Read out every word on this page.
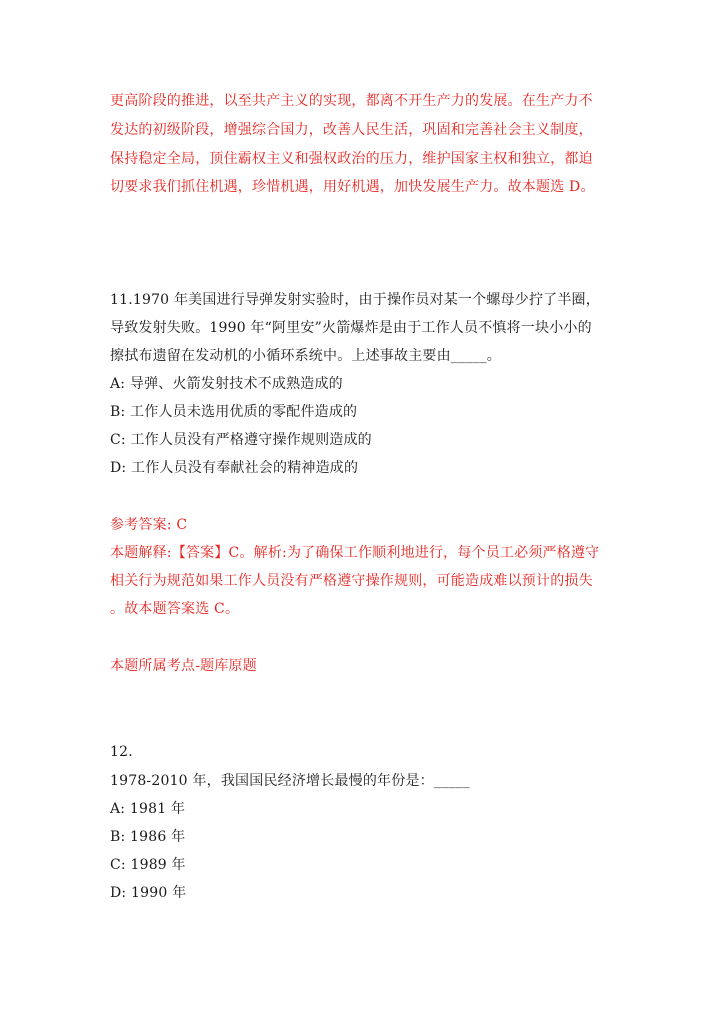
更高阶段的推进，以至共产主义的实现，都离不开生产力的发展。在生产力不
发达的初级阶段，增强综合国力，改善人民生活，巩固和完善社会主义制度，
保持稳定全局，顶住霸权主义和强权政治的压力，维护国家主权和独立，都迫
切要求我们抓住机遇，珍惜机遇，用好机遇，加快发展生产力。故本题选 D。
11.1970 年美国进行导弹发射实验时，由于操作员对某一个螺母少拧了半圈，
导致发射失败。1990 年“阿里安”火箭爆炸是由于工作人员不慎将一块小小的
擦拭布遗留在发动机的小循环系统中。上述事故主要由_____。
A: 导弹、火箭发射技术不成熟造成的
B: 工作人员未选用优质的零配件造成的
C: 工作人员没有严格遵守操作规则造成的
D: 工作人员没有奉献社会的精神造成的
参考答案: C
本题解释:【答案】C。解析:为了确保工作顺利地进行，每个员工必须严格遵守
相关行为规范如果工作人员没有严格遵守操作规则，可能造成难以预计的损失
。故本题答案选 C。
本题所属考点-题库原题
12.
1978-2010 年，我国国民经济增长最慢的年份是：_____
A: 1981 年
B: 1986 年
C: 1989 年
D: 1990 年
